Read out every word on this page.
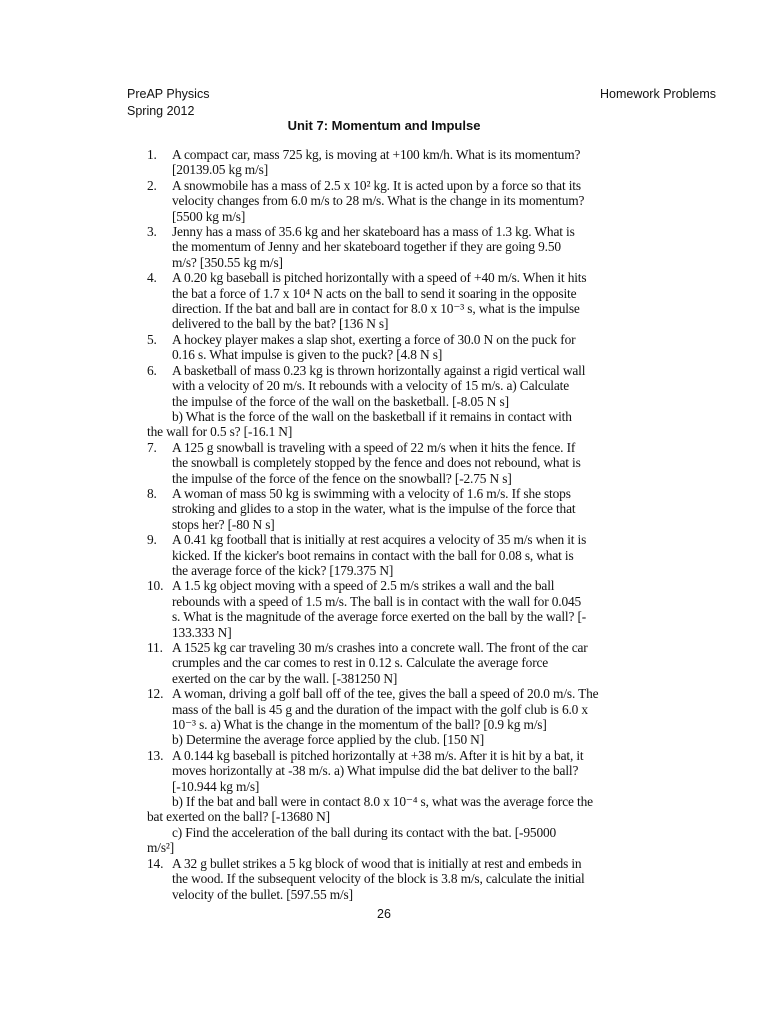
PreAP Physics
Spring 2012
Homework Problems
Unit 7: Momentum and Impulse
1. A compact car, mass 725 kg, is moving at +100 km/h. What is its momentum?
[20139.05 kg m/s]
2. A snowmobile has a mass of 2.5 x 10² kg. It is acted upon by a force so that its
velocity changes from 6.0 m/s to 28 m/s. What is the change in its momentum?
[5500 kg m/s]
3. Jenny has a mass of 35.6 kg and her skateboard has a mass of 1.3 kg. What is
the momentum of Jenny and her skateboard together if they are going 9.50
m/s? [350.55 kg m/s]
4. A 0.20 kg baseball is pitched horizontally with a speed of +40 m/s. When it hits
the bat a force of 1.7 x 10⁴ N acts on the ball to send it soaring in the opposite
direction. If the bat and ball are in contact for 8.0 x 10⁻³ s, what is the impulse
delivered to the ball by the bat? [136 N s]
5. A hockey player makes a slap shot, exerting a force of 30.0 N on the puck for
0.16 s. What impulse is given to the puck? [4.8 N s]
6. A basketball of mass 0.23 kg is thrown horizontally against a rigid vertical wall
with a velocity of 20 m/s. It rebounds with a velocity of 15 m/s. a) Calculate
the impulse of the force of the wall on the basketball. [-8.05 N s]
b) What is the force of the wall on the basketball if it remains in contact with
the wall for 0.5 s? [-16.1 N]
7. A 125 g snowball is traveling with a speed of 22 m/s when it hits the fence. If
the snowball is completely stopped by the fence and does not rebound, what is
the impulse of the force of the fence on the snowball? [-2.75 N s]
8. A woman of mass 50 kg is swimming with a velocity of 1.6 m/s. If she stops
stroking and glides to a stop in the water, what is the impulse of the force that
stops her? [-80 N s]
9. A 0.41 kg football that is initially at rest acquires a velocity of 35 m/s when it is
kicked. If the kicker's boot remains in contact with the ball for 0.08 s, what is
the average force of the kick? [179.375 N]
10. A 1.5 kg object moving with a speed of 2.5 m/s strikes a wall and the ball
rebounds with a speed of 1.5 m/s. The ball is in contact with the wall for 0.045
s. What is the magnitude of the average force exerted on the ball by the wall? [-
133.333 N]
11. A 1525 kg car traveling 30 m/s crashes into a concrete wall. The front of the car
crumples and the car comes to rest in 0.12 s. Calculate the average force
exerted on the car by the wall. [-381250 N]
12. A woman, driving a golf ball off of the tee, gives the ball a speed of 20.0 m/s. The
mass of the ball is 45 g and the duration of the impact with the golf club is 6.0 x
10⁻³ s. a) What is the change in the momentum of the ball? [0.9 kg m/s]
b) Determine the average force applied by the club. [150 N]
13. A 0.144 kg baseball is pitched horizontally at +38 m/s. After it is hit by a bat, it
moves horizontally at -38 m/s. a) What impulse did the bat deliver to the ball?
[-10.944 kg m/s]
b) If the bat and ball were in contact 8.0 x 10⁻⁴ s, what was the average force the
bat exerted on the ball? [-13680 N]
c) Find the acceleration of the ball during its contact with the bat. [-95000
m/s²]
14. A 32 g bullet strikes a 5 kg block of wood that is initially at rest and embeds in
the wood. If the subsequent velocity of the block is 3.8 m/s, calculate the initial
velocity of the bullet. [597.55 m/s]
26
